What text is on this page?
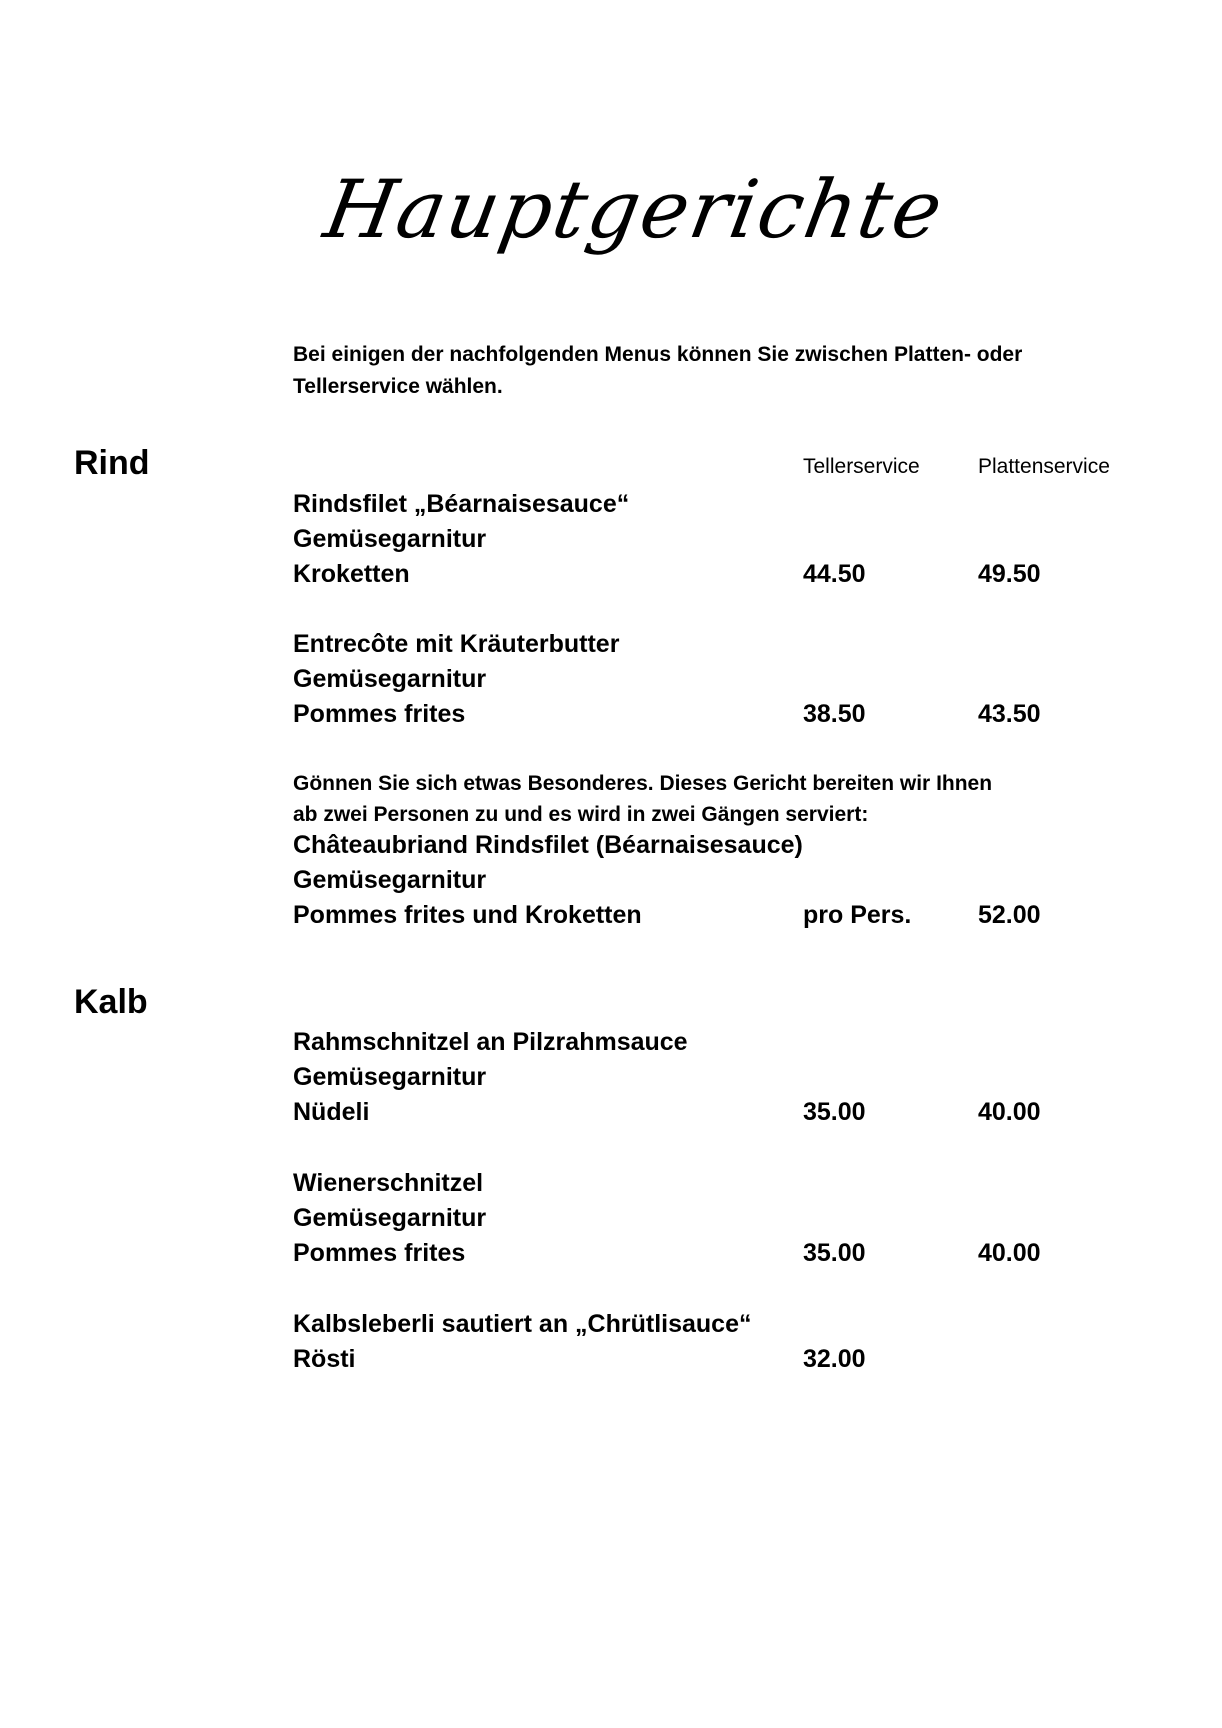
Hauptgerichte
Bei einigen der nachfolgenden Menus können Sie zwischen Platten- oder
Tellerservice wählen.
Rind	Tellerservice	Plattenservice
Rindsfilet „Béarnaisesauce“
Gemüsegarnitur
Kroketten	44.50	49.50
Entrecôte mit Kräuterbutter
Gemüsegarnitur
Pommes frites	38.50	43.50
Gönnen Sie sich etwas Besonderes. Dieses Gericht bereiten wir Ihnen
ab zwei Personen zu und es wird in zwei Gängen serviert:
Châteaubriand Rindsfilet (Béarnaisesauce)
Gemüsegarnitur
Pommes frites und Kroketten	pro Pers.	52.00
Kalb
Rahmschnitzel an Pilzrahmsauce
Gemüsegarnitur
Nüdeli	35.00	40.00
Wienerschnitzel
Gemüsegarnitur
Pommes frites	35.00	40.00
Kalbsleberli sautiert an „Chrütlisauce“
Rösti	32.00
